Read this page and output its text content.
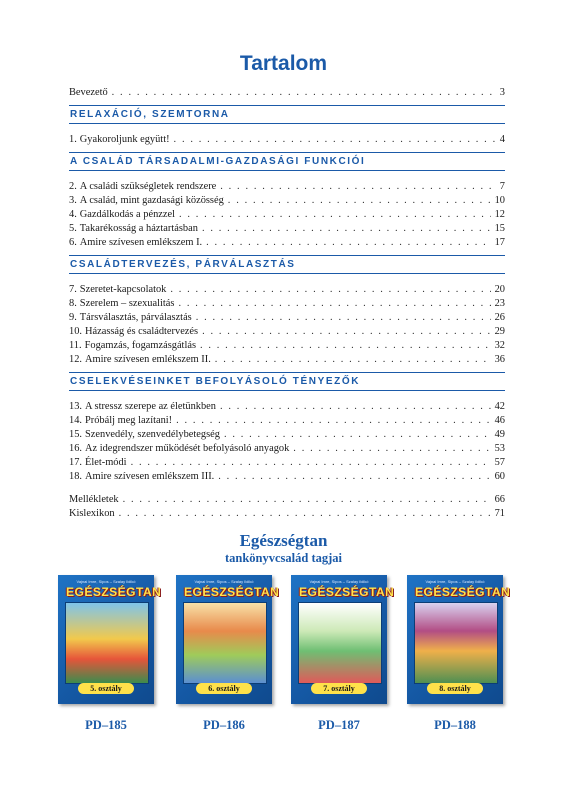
Tartalom
Bevezető . . .	3
RELAXÁCIÓ, SZEMTORNA
1. Gyakoroljunk együtt! . . .	4
A CSALÁD TÁRSADALMI-GAZDASÁGI FUNKCIÓI
2. A családi szükségletek rendszere . . .	7
3. A család, mint gazdasági közösség . . .	10
4. Gazdálkodás a pénzzel . . .	12
5. Takarékosság a háztartásban . . .	15
6. Amire szívesen emlékszem I. . . .	17
CSALÁDTERVEZÉS, PÁRVÁLASZTÁS
7. Szeretet-kapcsolatok . . .	20
8. Szerelem – szexualitás . . .	23
9. Társválasztás, párválasztás . . .	26
10. Házasság és családtervezés . . .	29
11. Fogamzás, fogamzásgátlás . . .	32
12. Amire szívesen emlékszem II. . . .	36
CSELEKVÉSEINKET BEFOLYÁSOLÓ TÉNYEZŐK
13. A stressz szerepe az életünkben . . .	42
14. Próbálj meg lazítani! . . .	46
15. Szenvedély, szenvedélybetegség . . .	49
16. Az idegrendszer működését befolyásoló anyagok . . .	53
17. Élet-módi . . .	57
18. Amire szívesen emlékszem III. . . .	60
Mellékletek . . .	66
Kislexikon . . .	71
Egészségtan
tankönyvcsalád tagjai
Vajnai Imre, Sipos – Szalay Ildikó
EGÉSZSÉGTAN
5. osztály
Vajnai Imre, Sipos – Szalay Ildikó
EGÉSZSÉGTAN
6. osztály
Vajnai Imre, Sipos – Szalay Ildikó
EGÉSZSÉGTAN
7. osztály
Vajnai Imre, Sipos – Szalay Ildikó
EGÉSZSÉGTAN
8. osztály
PD–185	PD–186	PD–187	PD–188
